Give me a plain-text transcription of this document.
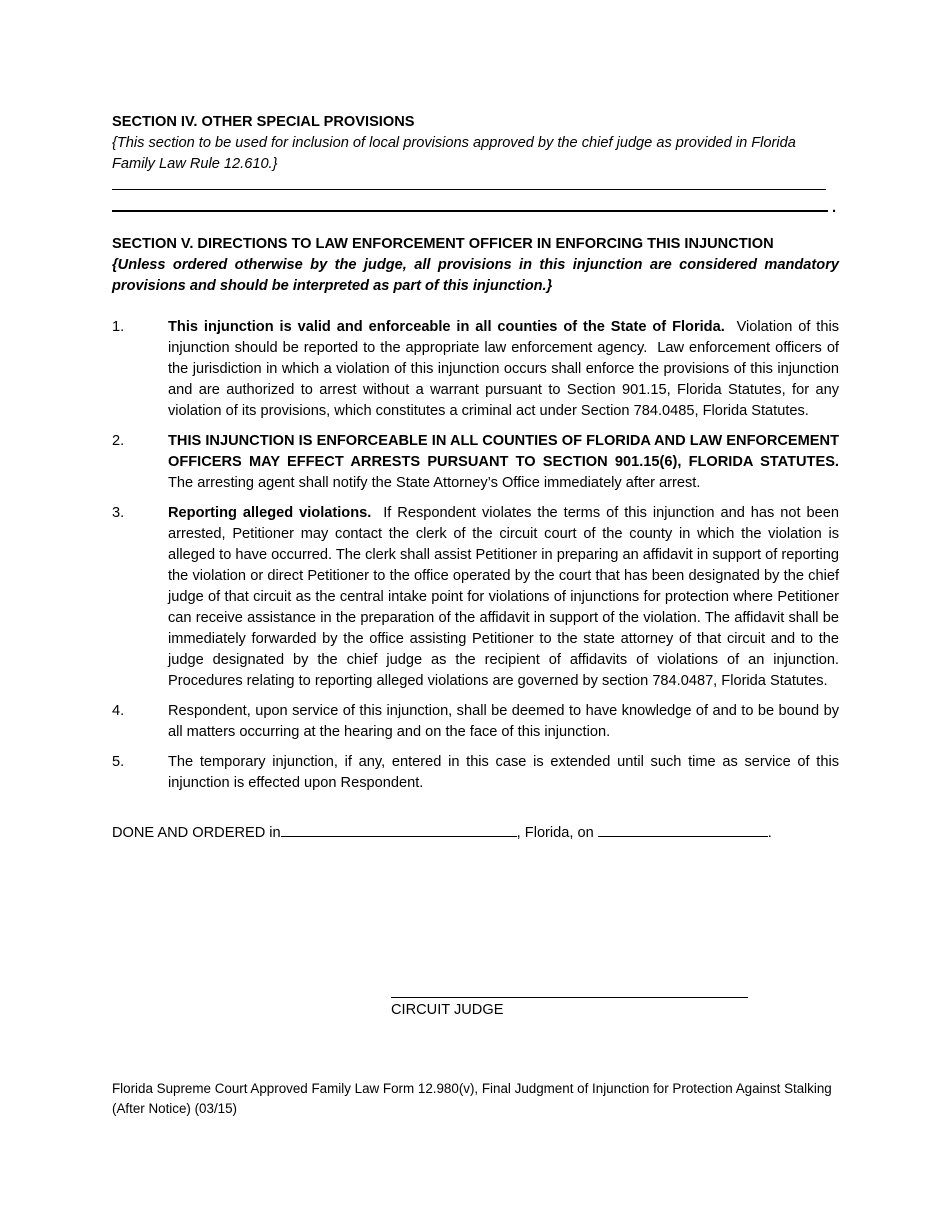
SECTION IV. OTHER SPECIAL PROVISIONS
{This section to be used for inclusion of local provisions approved by the chief judge as provided in Florida Family Law Rule 12.610.}
.
SECTION V. DIRECTIONS TO LAW ENFORCEMENT OFFICER IN ENFORCING THIS INJUNCTION
{Unless ordered otherwise by the judge, all provisions in this injunction are considered mandatory provisions and should be interpreted as part of this injunction.}
1.	This injunction is valid and enforceable in all counties of the State of Florida.  Violation of this injunction should be reported to the appropriate law enforcement agency.  Law enforcement officers of the jurisdiction in which a violation of this injunction occurs shall enforce the provisions of this injunction and are authorized to arrest without a warrant pursuant to Section 901.15, Florida Statutes, for any violation of its provisions, which constitutes a criminal act under Section 784.0485, Florida Statutes.
2.	THIS INJUNCTION IS ENFORCEABLE IN ALL COUNTIES OF FLORIDA AND LAW ENFORCEMENT OFFICERS MAY EFFECT ARRESTS PURSUANT TO SECTION 901.15(6), FLORIDA STATUTES. The arresting agent shall notify the State Attorney’s Office immediately after arrest.
3.	Reporting alleged violations.  If Respondent violates the terms of this injunction and has not been arrested, Petitioner may contact the clerk of the circuit court of the county in which the violation is alleged to have occurred. The clerk shall assist Petitioner in preparing an affidavit in support of reporting the violation or direct Petitioner to the office operated by the court that has been designated by the chief judge of that circuit as the central intake point for violations of injunctions for protection where Petitioner can receive assistance in the preparation of the affidavit in support of the violation. The affidavit shall be immediately forwarded by the office assisting Petitioner to the state attorney of that circuit and to the judge designated by the chief judge as the recipient of affidavits of violations of an injunction. Procedures relating to reporting alleged violations are governed by section 784.0487, Florida Statutes.
4.	Respondent, upon service of this injunction, shall be deemed to have knowledge of and to be bound by all matters occurring at the hearing and on the face of this injunction.
5.	The temporary injunction, if any, entered in this case is extended until such time as service of this injunction is effected upon Respondent.
DONE AND ORDERED in	, Florida, on	.
CIRCUIT JUDGE
Florida Supreme Court Approved Family Law Form 12.980(v), Final Judgment of Injunction for Protection Against Stalking (After Notice) (03/15)
